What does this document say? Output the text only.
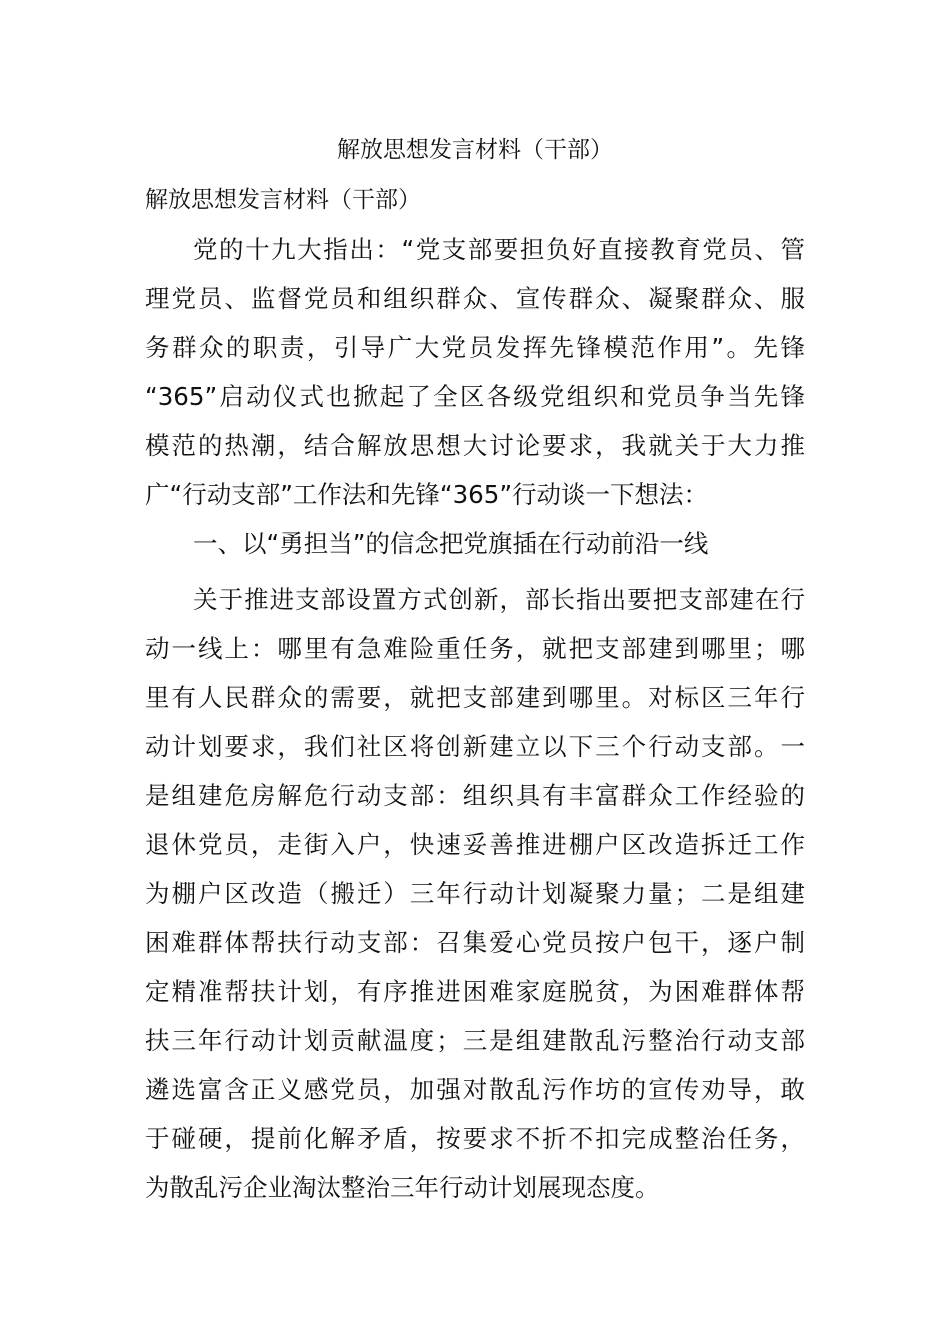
解放思想发言材料（干部）

解放思想发言材料（干部）

党的十九大指出：“党支部要担负好直接教育党员、管

理党员、监督党员和组织群众、宣传群众、凝聚群众、服

务群众的职责，引导广大党员发挥先锋模范作用”。先锋

“365”启动仪式也掀起了全区各级党组织和党员争当先锋

模范的热潮，结合解放思想大讨论要求，我就关于大力推

广“行动支部”工作法和先锋“365”行动谈一下想法：

一、以“勇担当”的信念把党旗插在行动前沿一线

关于推进支部设置方式创新，部长指出要把支部建在行

动一线上：哪里有急难险重任务，就把支部建到哪里；哪

里有人民群众的需要，就把支部建到哪里。对标区三年行

动计划要求，我们社区将创新建立以下三个行动支部。一

是组建危房解危行动支部：组织具有丰富群众工作经验的

退休党员，走街入户，快速妥善推进棚户区改造拆迁工作

为棚户区改造（搬迁）三年行动计划凝聚力量；二是组建

困难群体帮扶行动支部：召集爱心党员按户包干，逐户制

定精准帮扶计划，有序推进困难家庭脱贫，为困难群体帮

扶三年行动计划贡献温度；三是组建散乱污整治行动支部

遴选富含正义感党员，加强对散乱污作坊的宣传劝导，敢

于碰硬，提前化解矛盾，按要求不折不扣完成整治任务，

为散乱污企业淘汰整治三年行动计划展现态度。
